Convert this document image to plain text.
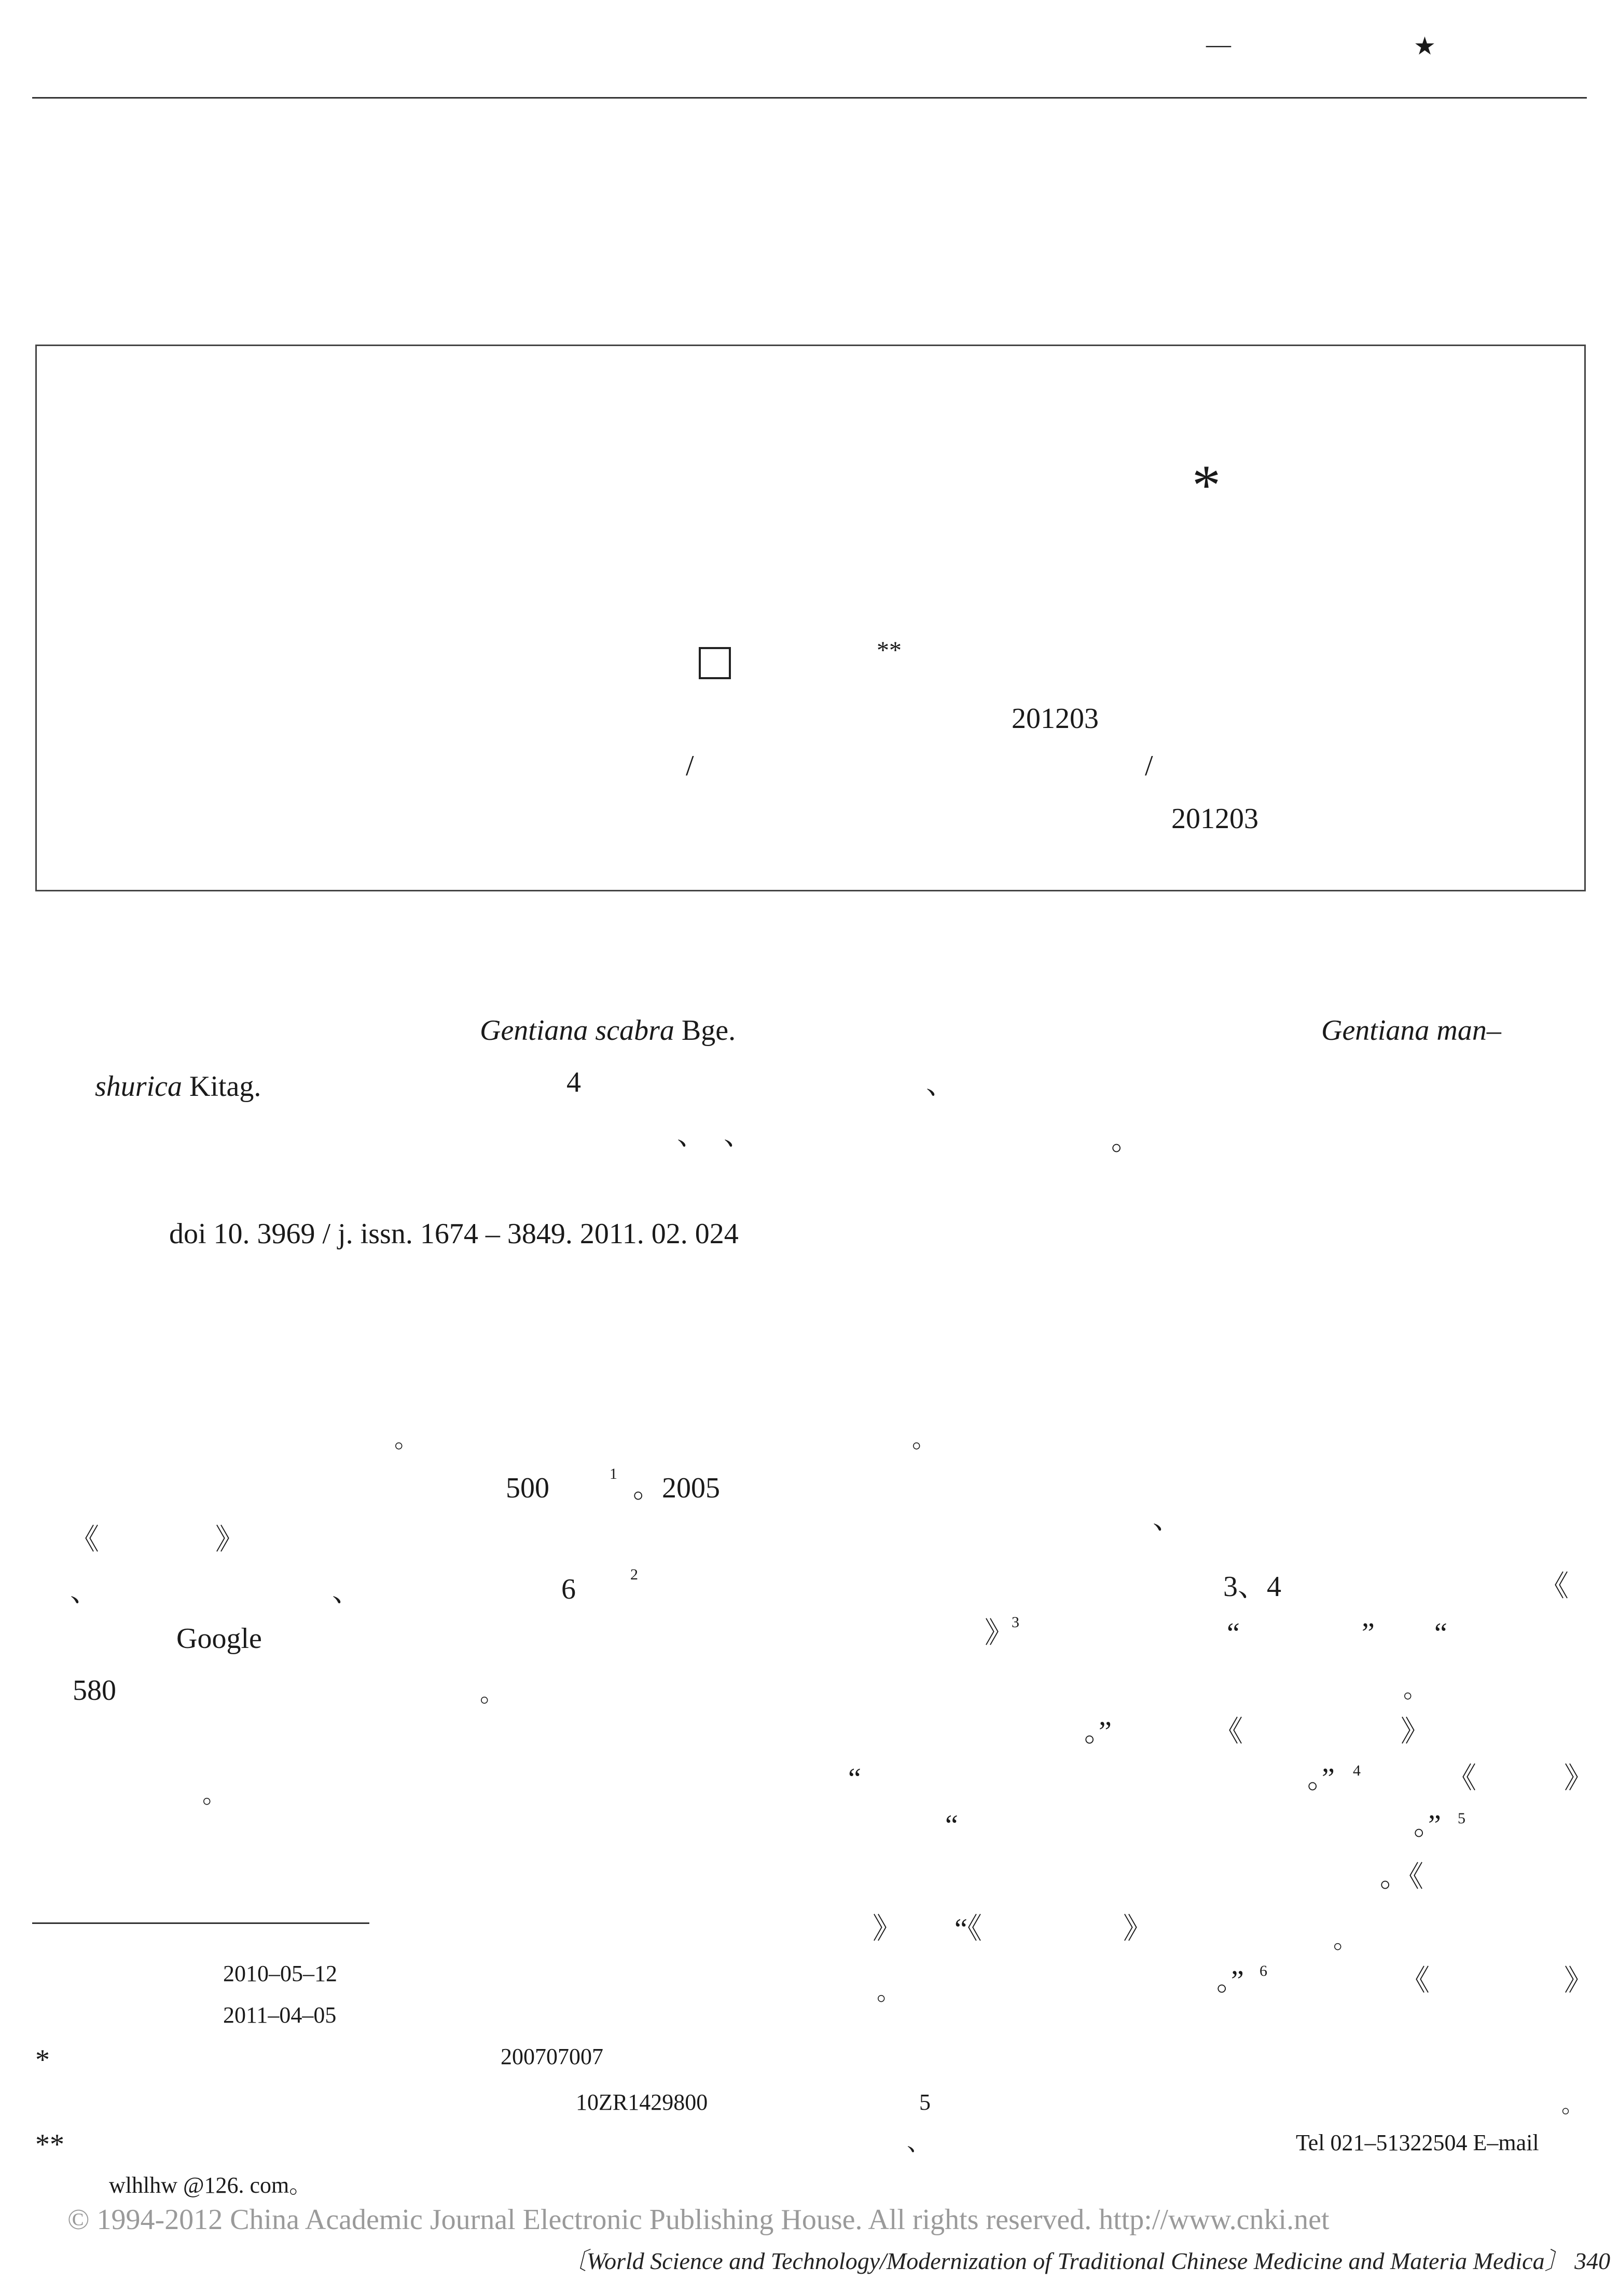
—	★
*
**
201203
/	/
201203
Gentiana scabra Bge.	Gentiana man–
shurica Kitag.	4	、
、 、	。
doi 10. 3969 / j. issn. 1674 – 3849. 2011. 02. 024
。
500	1 。2005
《	》
、	、	6	2
Google
580	。
。
。
、
3、4	《
》
3	“	” “
。
。”	《	》
“	。” 4	《	》
“	。” 5
。《
》 “《	》	。
。	。” 6	《	》
。
2010–05–12
2011–04–05
*	200707007
10ZR1429800	5
**	、	Tel 021–51322504 E–mail
wlhlhw @126. com。
© 1994-2012 China Academic Journal Electronic Publishing House. All rights reserved. http://www.cnki.net
〔World Science and Technology/Modernization of Traditional Chinese Medicine and Materia Medica〕 340
